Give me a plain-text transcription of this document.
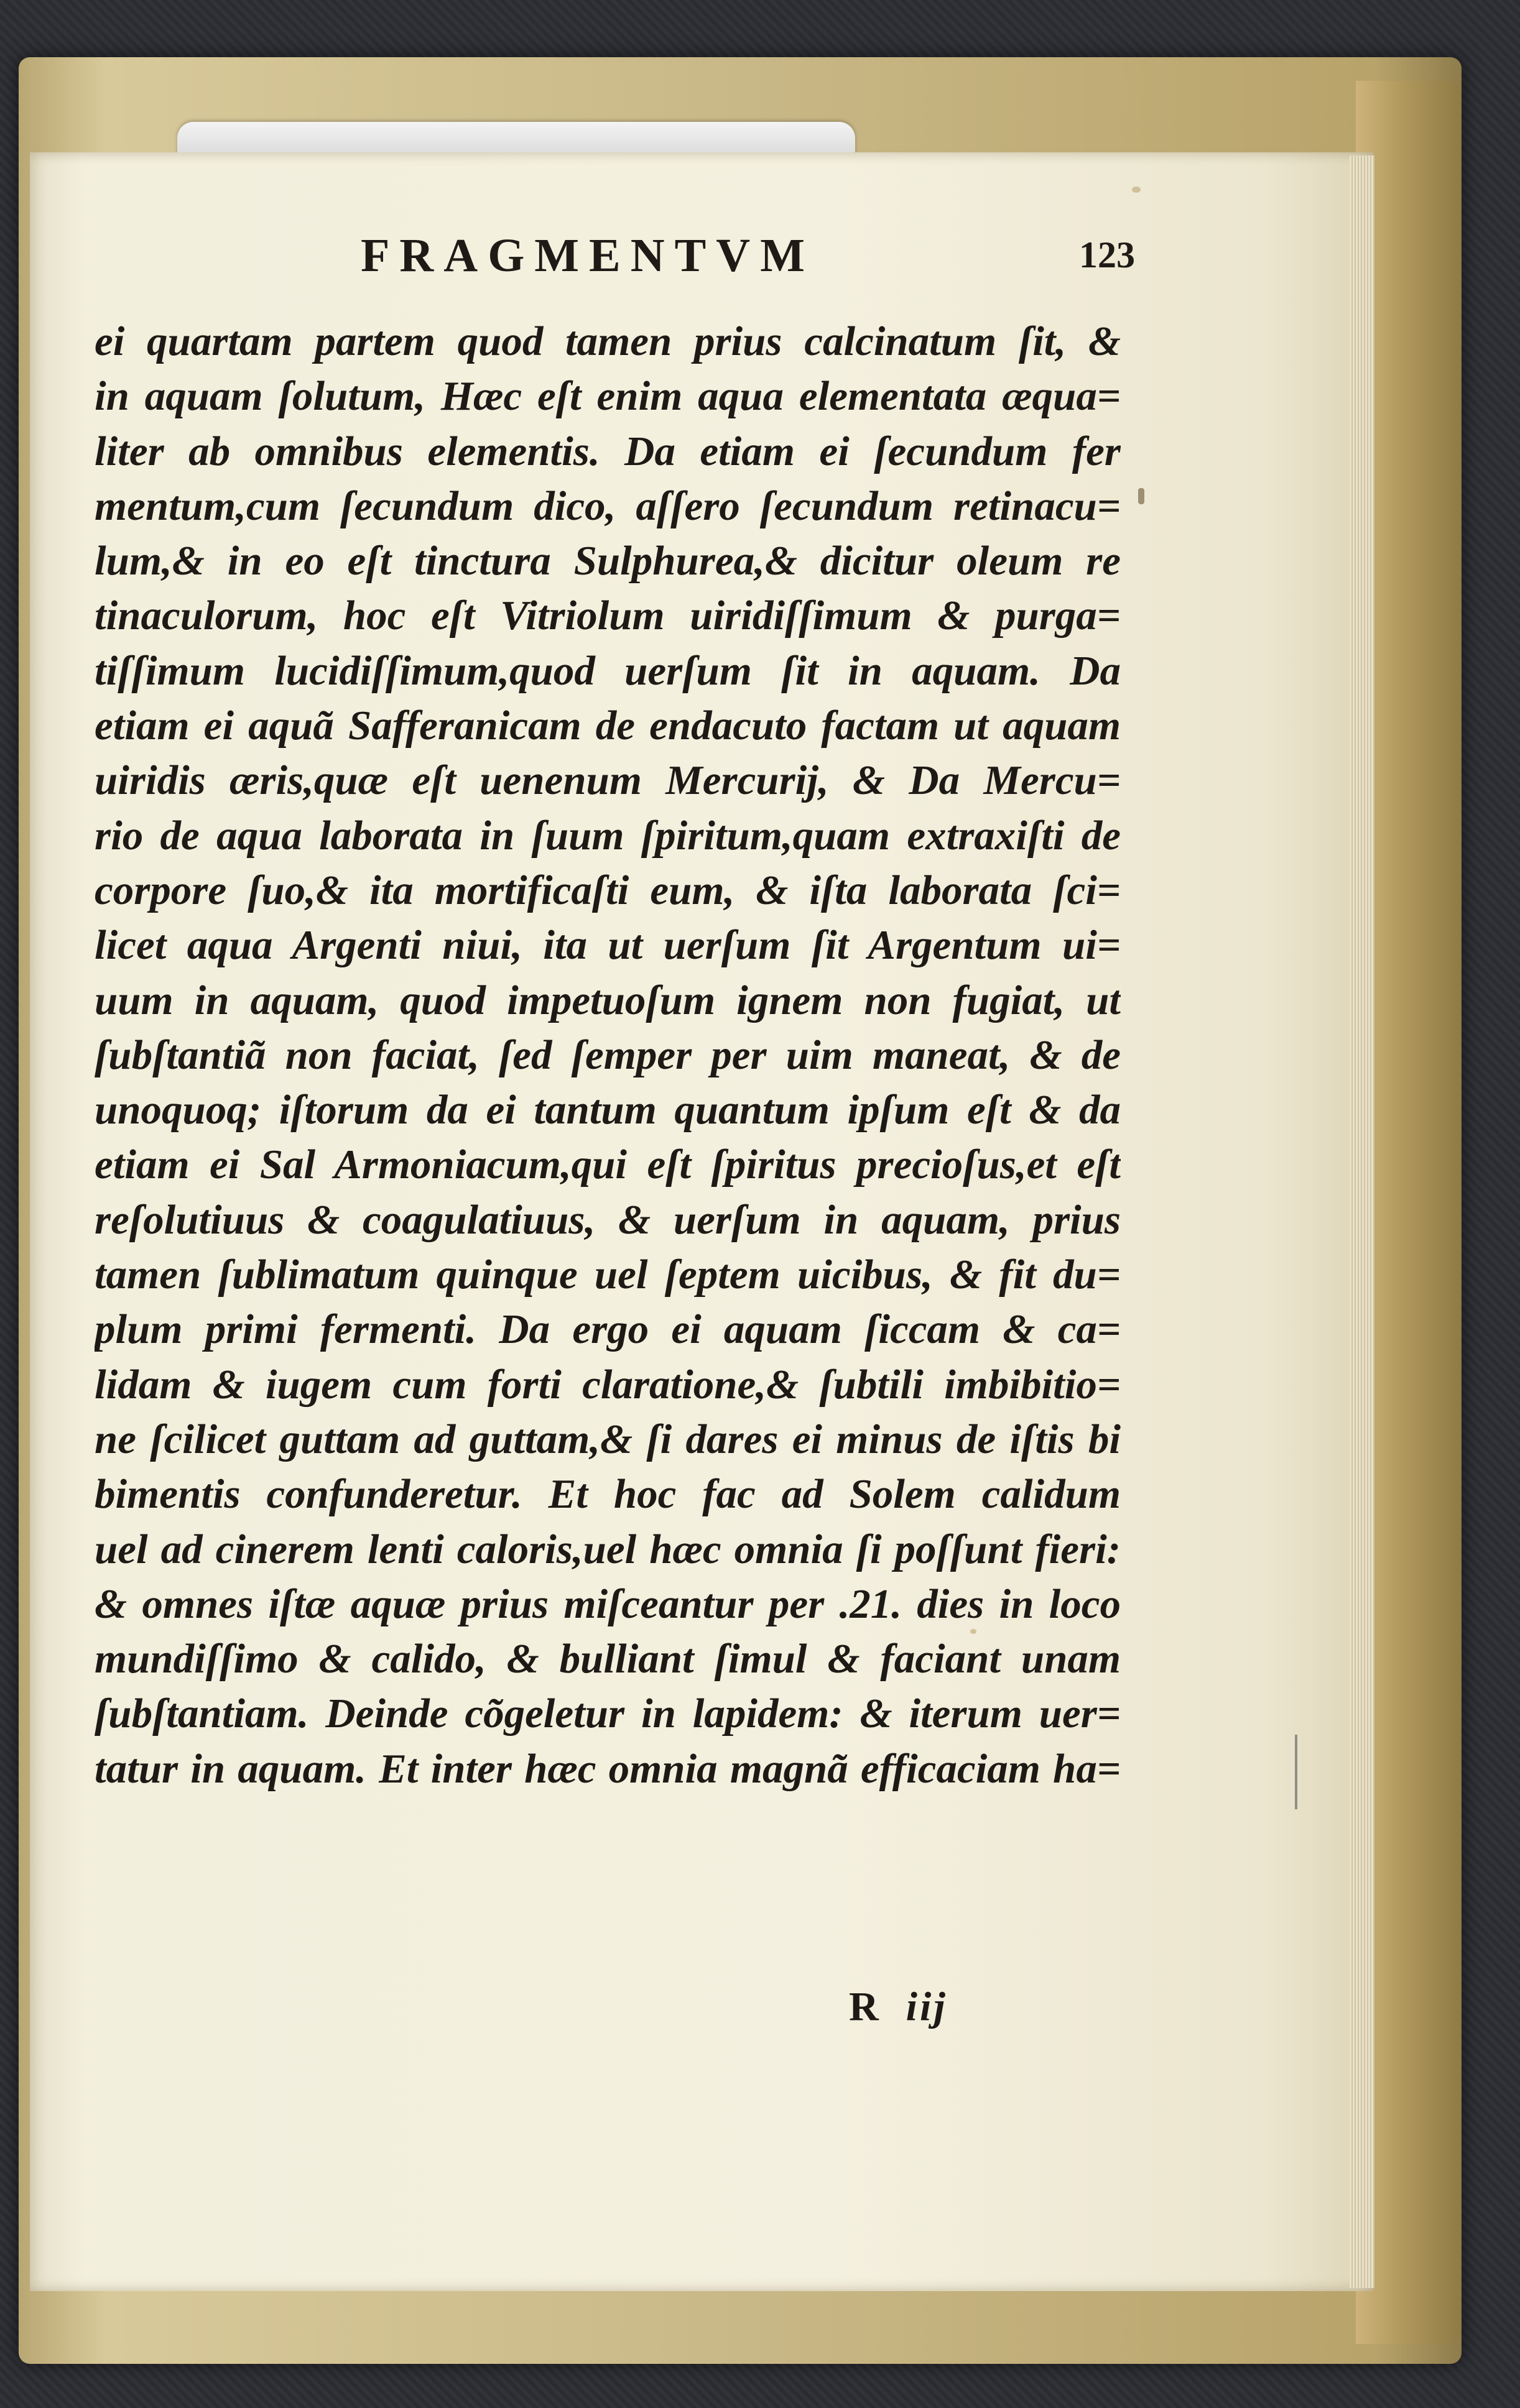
FRAGMENTVM	123
ei quartam partem quod tamen prius calcinatum ſit, &
in aquam ſolutum, Hæc eſt enim aqua elementata æqua=
liter ab omnibus elementis. Da etiam ei ſecundum fer
mentum,cum ſecundum dico, aſſero ſecundum retinacu=
lum,& in eo eſt tinctura Sulphurea,& dicitur oleum re
tinaculorum, hoc eſt Vitriolum uiridiſſimum & purga=
tiſſimum lucidiſſimum,quod uerſum ſit in aquam. Da
etiam ei aquã Safferanicam de endacuto factam ut aquam
uiridis æris,quæ eſt uenenum Mercurij, & Da Mercu=
rio de aqua laborata in ſuum ſpiritum,quam extraxiſti de
corpore ſuo,& ita mortificaſti eum, & iſta laborata ſci=
licet aqua Argenti niui, ita ut uerſum ſit Argentum ui=
uum in aquam, quod impetuoſum ignem non fugiat, ut
ſubſtantiã non faciat, ſed ſemper per uim maneat, & de
unoquoq; iſtorum da ei tantum quantum ipſum eſt & da
etiam ei Sal Armoniacum,qui eſt ſpiritus precioſus,et eſt
reſolutiuus & coagulatiuus, & uerſum in aquam, prius
tamen ſublimatum quinque uel ſeptem uicibus, & fit du=
plum primi fermenti. Da ergo ei aquam ſiccam & ca=
lidam & iugem cum forti claratione,& ſubtili imbibitio=
ne ſcilicet guttam ad guttam,& ſi dares ei minus de iſtis bi
bimentis confunderetur. Et hoc fac ad Solem calidum
uel ad cinerem lenti caloris,uel hæc omnia ſi poſſunt fieri:
& omnes iſtæ aquæ prius miſceantur per .21. dies in loco
mundiſſimo & calido, & bulliant ſimul & faciant unam
ſubſtantiam. Deinde cõgeletur in lapidem: & iterum uer=
tatur in aquam. Et inter hæc omnia magnã efficaciam ha=
R iij
